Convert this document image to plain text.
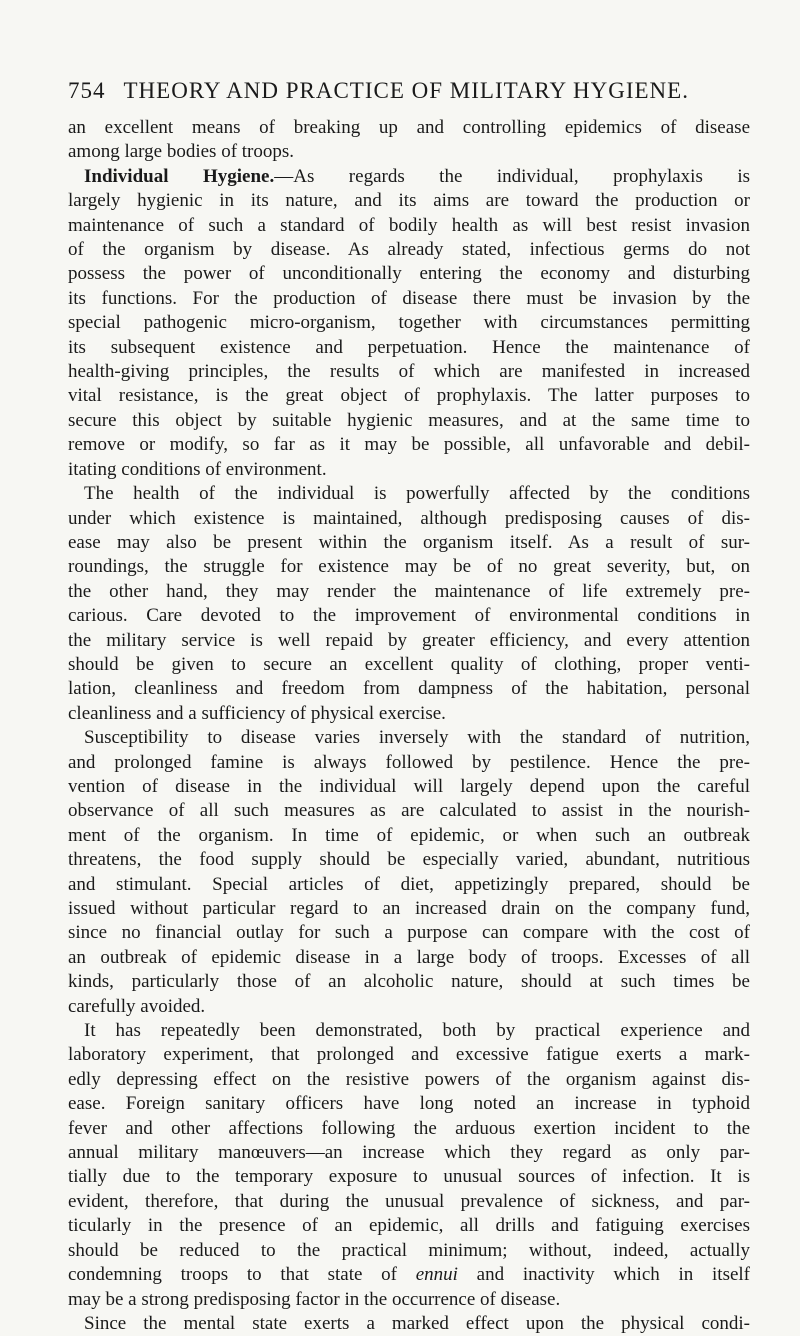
754 THEORY AND PRACTICE OF MILITARY HYGIENE.
an excellent means of breaking up and controlling epidemics of disease
among large bodies of troops.
Individual Hygiene.—As regards the individual, prophylaxis is
largely hygienic in its nature, and its aims are toward the production or
maintenance of such a standard of bodily health as will best resist invasion
of the organism by disease. As already stated, infectious germs do not
possess the power of unconditionally entering the economy and disturbing
its functions. For the production of disease there must be invasion by the
special pathogenic micro-organism, together with circumstances permitting
its subsequent existence and perpetuation. Hence the maintenance of
health-giving principles, the results of which are manifested in increased
vital resistance, is the great object of prophylaxis. The latter purposes to
secure this object by suitable hygienic measures, and at the same time to
remove or modify, so far as it may be possible, all unfavorable and debil-
itating conditions of environment.
The health of the individual is powerfully affected by the conditions
under which existence is maintained, although predisposing causes of dis-
ease may also be present within the organism itself. As a result of sur-
roundings, the struggle for existence may be of no great severity, but, on
the other hand, they may render the maintenance of life extremely pre-
carious. Care devoted to the improvement of environmental conditions in
the military service is well repaid by greater efficiency, and every attention
should be given to secure an excellent quality of clothing, proper venti-
lation, cleanliness and freedom from dampness of the habitation, personal
cleanliness and a sufficiency of physical exercise.
Susceptibility to disease varies inversely with the standard of nutrition,
and prolonged famine is always followed by pestilence. Hence the pre-
vention of disease in the individual will largely depend upon the careful
observance of all such measures as are calculated to assist in the nourish-
ment of the organism. In time of epidemic, or when such an outbreak
threatens, the food supply should be especially varied, abundant, nutritious
and stimulant. Special articles of diet, appetizingly prepared, should be
issued without particular regard to an increased drain on the company fund,
since no financial outlay for such a purpose can compare with the cost of
an outbreak of epidemic disease in a large body of troops. Excesses of all
kinds, particularly those of an alcoholic nature, should at such times be
carefully avoided.
It has repeatedly been demonstrated, both by practical experience and
laboratory experiment, that prolonged and excessive fatigue exerts a mark-
edly depressing effect on the resistive powers of the organism against dis-
ease. Foreign sanitary officers have long noted an increase in typhoid
fever and other affections following the arduous exertion incident to the
annual military manœuvers—an increase which they regard as only par-
tially due to the temporary exposure to unusual sources of infection. It is
evident, therefore, that during the unusual prevalence of sickness, and par-
ticularly in the presence of an epidemic, all drills and fatiguing exercises
should be reduced to the practical minimum; without, indeed, actually
condemning troops to that state of ennui and inactivity which in itself
may be a strong predisposing factor in the occurrence of disease.
Since the mental state exerts a marked effect upon the physical condi-
